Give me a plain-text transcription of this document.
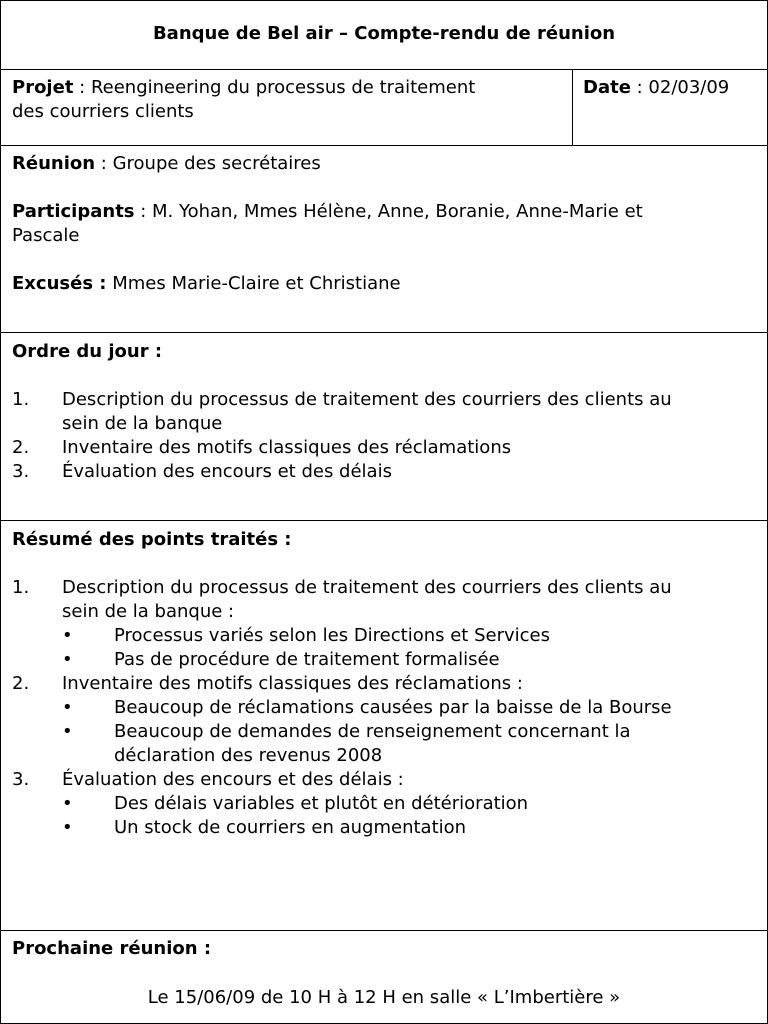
Banque de Bel air – Compte-rendu de réunion
Projet : Reengineering du processus de traitement
des courriers clients
Date : 02/03/09
Réunion : Groupe des secrétaires
Participants : M. Yohan, Mmes Hélène, Anne, Boranie, Anne-Marie et
Pascale
Excusés : Mmes Marie-Claire et Christiane
Ordre du jour :
1.	Description du processus de traitement des courriers des clients au
sein de la banque
2.	Inventaire des motifs classiques des réclamations
3.	Évaluation des encours et des délais
Résumé des points traités :
1.	Description du processus de traitement des courriers des clients au
sein de la banque :
•	Processus variés selon les Directions et Services
•	Pas de procédure de traitement formalisée
2.	Inventaire des motifs classiques des réclamations :
•	Beaucoup de réclamations causées par la baisse de la Bourse
•	Beaucoup de demandes de renseignement concernant la
déclaration des revenus 2008
3.	Évaluation des encours et des délais :
•	Des délais variables et plutôt en détérioration
•	Un stock de courriers en augmentation
Prochaine réunion :
Le 15/06/09 de 10 H à 12 H en salle « L’Imbertière »
